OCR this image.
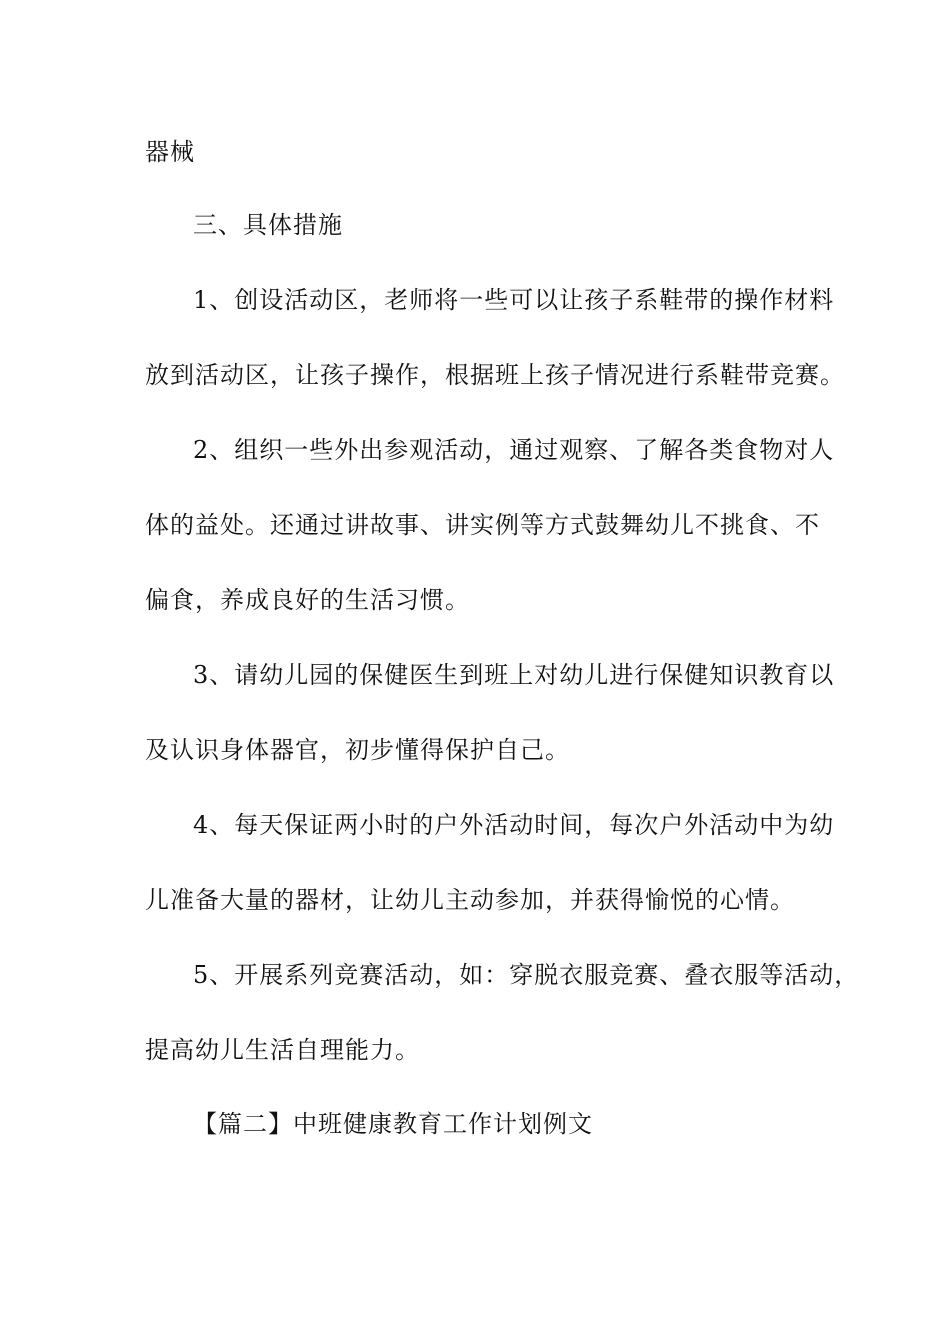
器械
三、具体措施
1、创设活动区，老师将一些可以让孩子系鞋带的操作材料
放到活动区，让孩子操作，根据班上孩子情况进行系鞋带竞赛。
2、组织一些外出参观活动，通过观察、了解各类食物对人
体的益处。还通过讲故事、讲实例等方式鼓舞幼儿不挑食、不
偏食，养成良好的生活习惯。
3、请幼儿园的保健医生到班上对幼儿进行保健知识教育以
及认识身体器官，初步懂得保护自己。
4、每天保证两小时的户外活动时间，每次户外活动中为幼
儿准备大量的器材，让幼儿主动参加，并获得愉悦的心情。
5、开展系列竞赛活动，如：穿脱衣服竞赛、叠衣服等活动，
提高幼儿生活自理能力。
【篇二】中班健康教育工作计划例文
